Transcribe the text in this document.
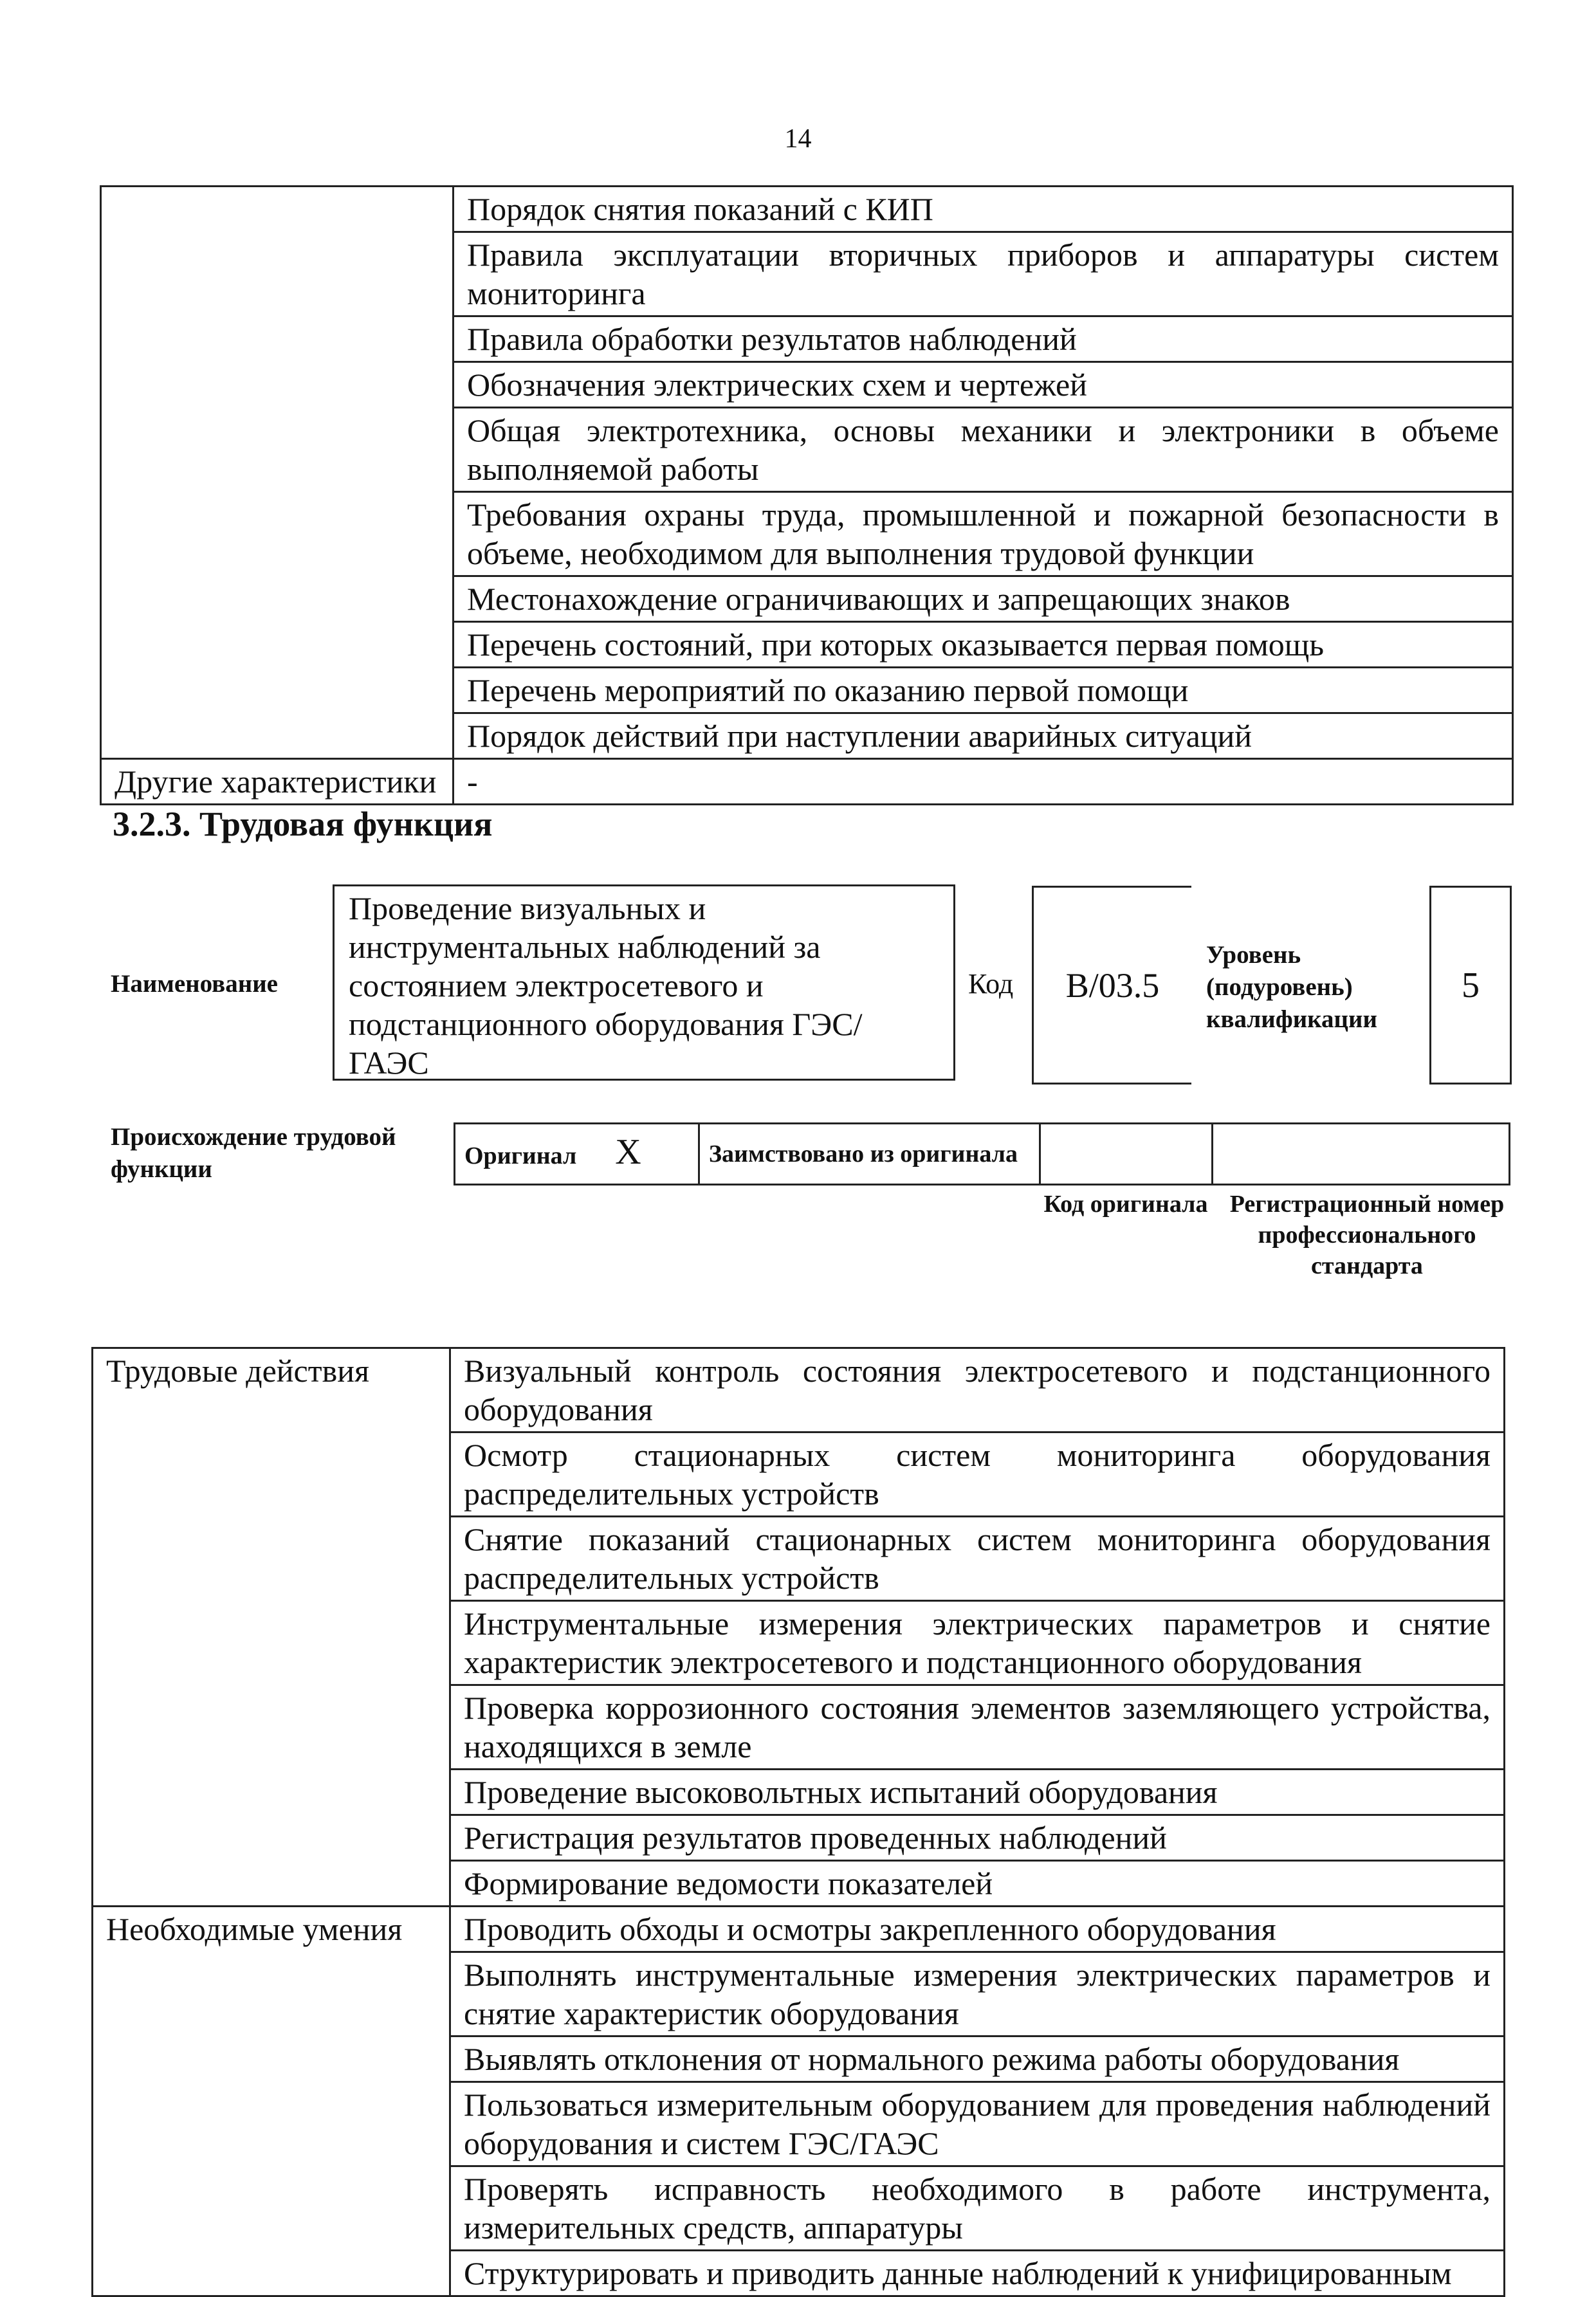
14
	Порядок снятия показаний с КИП
	Правила эксплуатации вторичных приборов и аппаратуры систем мониторинга
	Правила обработки результатов наблюдений
	Обозначения электрических схем и чертежей
	Общая электротехника, основы механики и электроники в объеме выполняемой работы
	Требования охраны труда, промышленной и пожарной безопасности в объеме, необходимом для выполнения трудовой функции
	Местонахождение ограничивающих и запрещающих знаков
	Перечень состояний, при которых оказывается первая помощь
	Перечень мероприятий по оказанию первой помощи
	Порядок действий при наступлении аварийных ситуаций
Другие характеристики	-
3.2.3. Трудовая функция
Наименование
Проведение визуальных и инструментальных наблюдений за состоянием электросетевого и подстанционного оборудования ГЭС/ГАЭС
Код B/03.5
Уровень (подуровень) квалификации
5
Происхождение трудовой функции	Оригинал X	Заимствовано из оригинала		
Код оригинала Регистрационный номер профессионального стандарта
Трудовые действия	Визуальный контроль состояния электросетевого и подстанционного оборудования
	Осмотр стационарных систем мониторинга оборудования распределительных устройств
	Снятие показаний стационарных систем мониторинга оборудования распределительных устройств
	Инструментальные измерения электрических параметров и снятие характеристик электросетевого и подстанционного оборудования
	Проверка коррозионного состояния элементов заземляющего устройства, находящихся в земле
	Проведение высоковольтных испытаний оборудования
	Регистрация результатов проведенных наблюдений
	Формирование ведомости показателей
Необходимые умения	Проводить обходы и осмотры закрепленного оборудования
	Выполнять инструментальные измерения электрических параметров и снятие характеристик оборудования
	Выявлять отклонения от нормального режима работы оборудования
	Пользоваться измерительным оборудованием для проведения наблюдений оборудования и систем ГЭС/ГАЭС
	Проверять исправность необходимого в работе инструмента, измерительных средств, аппаратуры
	Структурировать и приводить данные наблюдений к унифицированным
